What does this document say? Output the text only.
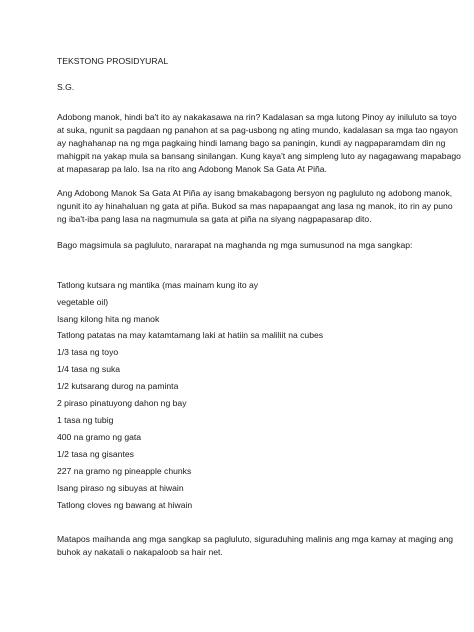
TEKSTONG PROSIDYURAL
S.G.
Adobong manok, hindi ba't ito ay nakakasawa na rin? Kadalasan sa mga lutong Pinoy ay iniluluto sa toyo
at suka, ngunit sa pagdaan ng panahon at sa pag-usbong ng ating mundo, kadalasan sa mga tao ngayon
ay naghahanap na ng mga pagkaing hindi lamang bago sa paningin, kundi ay nagpaparamdam din ng
mahigpit na yakap mula sa bansang sinilangan. Kung kaya't ang simpleng luto ay nagagawang mapabago
at mapasarap pa lalo. Isa na rito ang Adobong Manok Sa Gata At Piña.
Ang Adobong Manok Sa Gata At Piña ay isang bmakabagong bersyon ng pagluluto ng adobong manok,
ngunit ito ay hinahaluan ng gata at piña. Bukod sa mas napapaangat ang lasa ng manok, ito rin ay puno
ng iba't-iba pang lasa na nagmumula sa gata at piña na siyang nagpapasarap dito.
Bago magsimula sa pagluluto, nararapat na maghanda ng mga sumusunod na mga sangkap:
Tatlong kutsara ng mantika (mas mainam kung ito ay
vegetable oil)
Isang kilong hita ng manok
Tatlong patatas na may katamtamang laki at hatiin sa maliliit na cubes
1/3 tasa ng toyo
1/4 tasa ng suka
1/2 kutsarang durog na paminta
2 piraso pinatuyong dahon ng bay
1 tasa ng tubig
400 na gramo ng gata
1/2 tasa ng gisantes
227 na gramo ng pineapple chunks
Isang piraso ng sibuyas at hiwain
Tatlong cloves ng bawang at hiwain
Matapos maihanda ang mga sangkap sa pagluluto, siguraduhing malinis ang mga kamay at maging ang
buhok ay nakatali o nakapaloob sa hair net.
